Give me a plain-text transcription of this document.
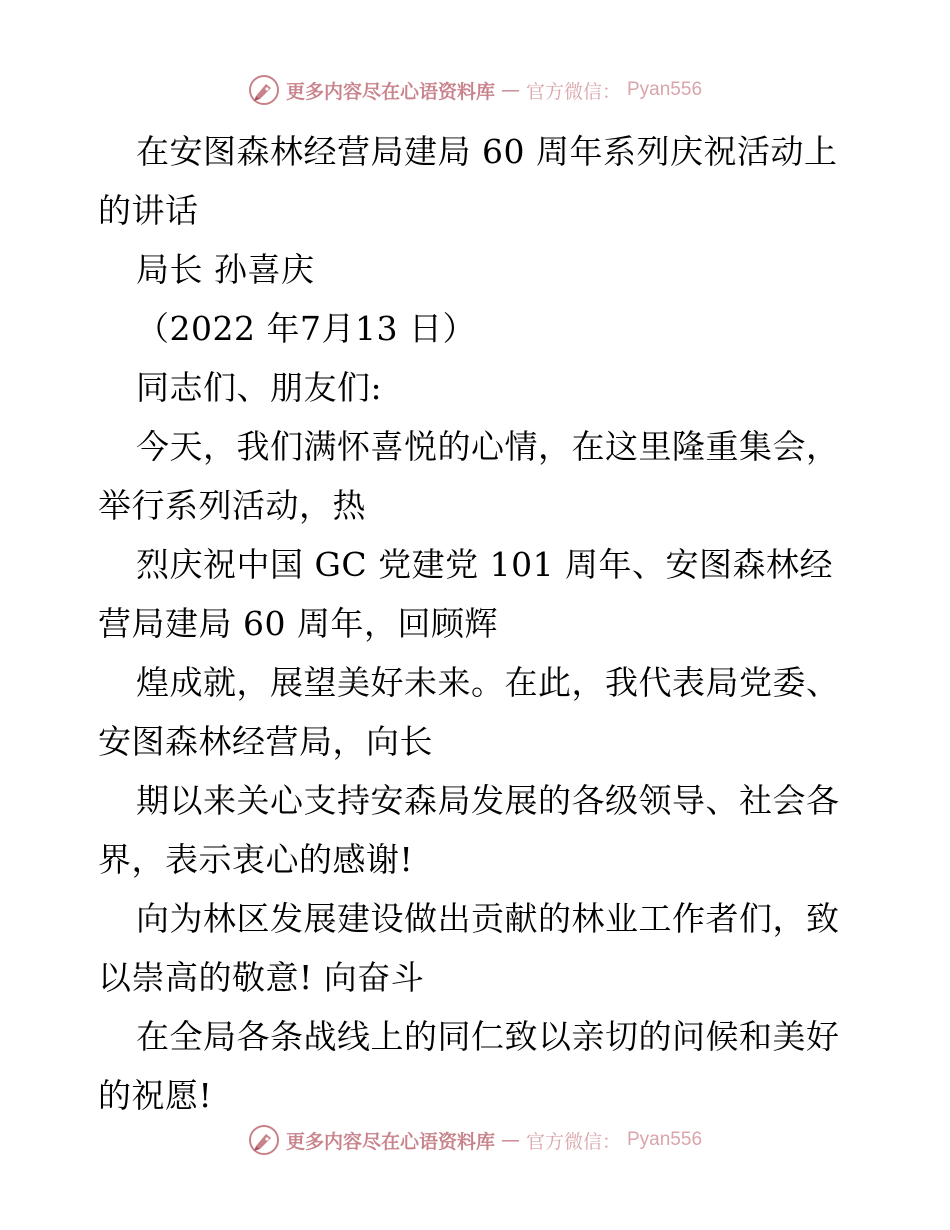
更多内容尽在心语资料库 — 官方微信： Pyan556
在安图森林经营局建局 60 周年系列庆祝活动上
的讲话
局长 孙喜庆
（2022 年7月13 日）
同志们、朋友们:
今天，我们满怀喜悦的心情，在这里隆重集会，
举行系列活动，热
烈庆祝中国 GC 党建党 101 周年、安图森林经
营局建局 60 周年，回顾辉
煌成就，展望美好未来。在此，我代表局党委、
安图森林经营局，向长
期以来关心支持安森局发展的各级领导、社会各
界，表示衷心的感谢!
向为林区发展建设做出贡献的林业工作者们，致
以崇高的敬意! 向奋斗
在全局各条战线上的同仁致以亲切的问候和美好
的祝愿!
更多内容尽在心语资料库 — 官方微信： Pyan556
